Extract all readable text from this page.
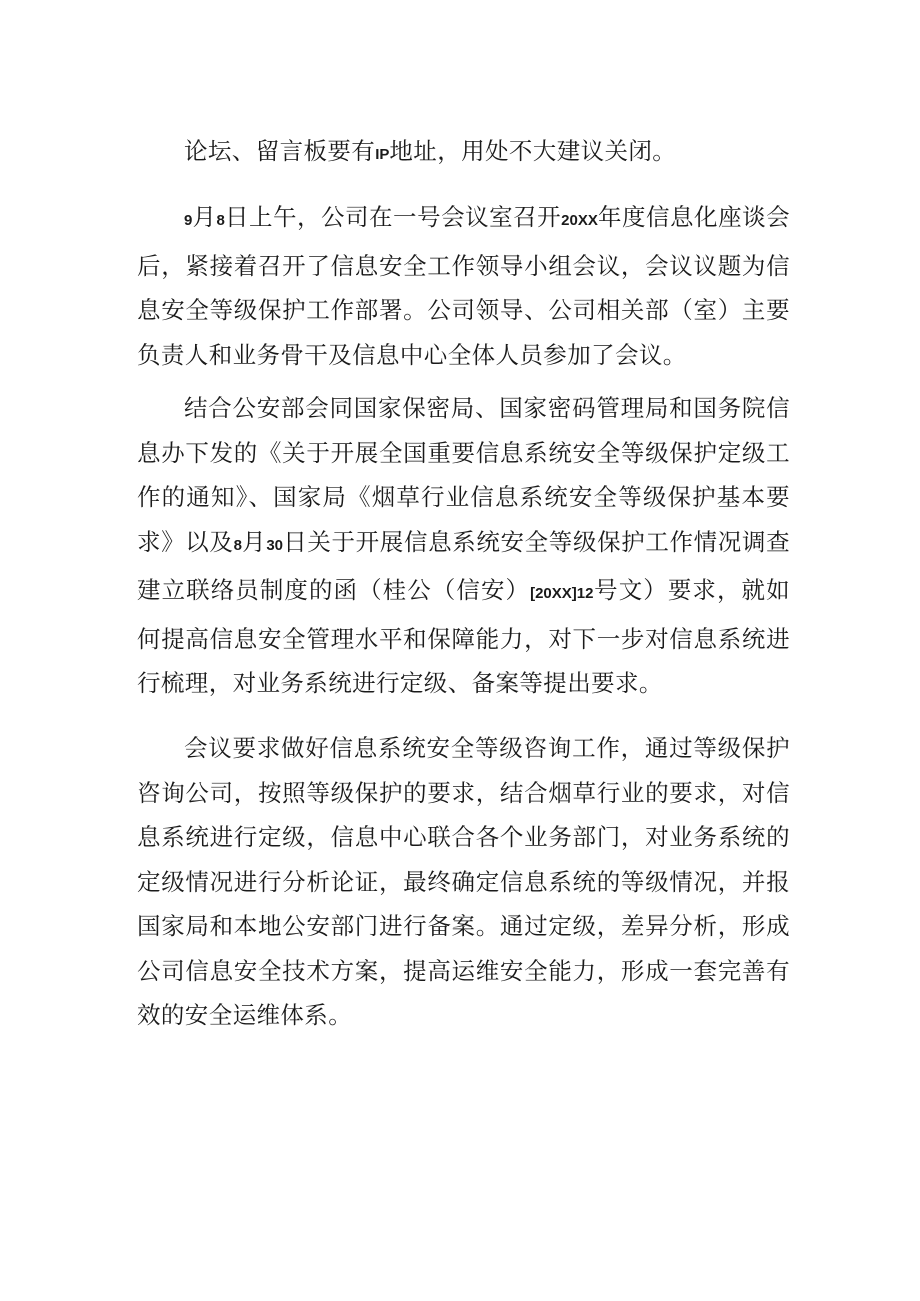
论坛、留言板要有IP地址，用处不大建议关闭。

9月8日上午，公司在一号会议室召开20XX年度信息化座谈会后，紧接着召开了信息安全工作领导小组会议，会议议题为信息安全等级保护工作部署。公司领导、公司相关部（室）主要负责人和业务骨干及信息中心全体人员参加了会议。

结合公安部会同国家保密局、国家密码管理局和国务院信息办下发的《关于开展全国重要信息系统安全等级保护定级工作的通知》、国家局《烟草行业信息系统安全等级保护基本要求》以及8月30日关于开展信息系统安全等级保护工作情况调查建立联络员制度的函（桂公（信安）[20XX]12号文）要求，就如何提高信息安全管理水平和保障能力，对下一步对信息系统进行梳理，对业务系统进行定级、备案等提出要求。

会议要求做好信息系统安全等级咨询工作，通过等级保护咨询公司，按照等级保护的要求，结合烟草行业的要求，对信息系统进行定级，信息中心联合各个业务部门，对业务系统的定级情况进行分析论证，最终确定信息系统的等级情况，并报国家局和本地公安部门进行备案。通过定级，差异分析，形成公司信息安全技术方案，提高运维安全能力，形成一套完善有效的安全运维体系。
